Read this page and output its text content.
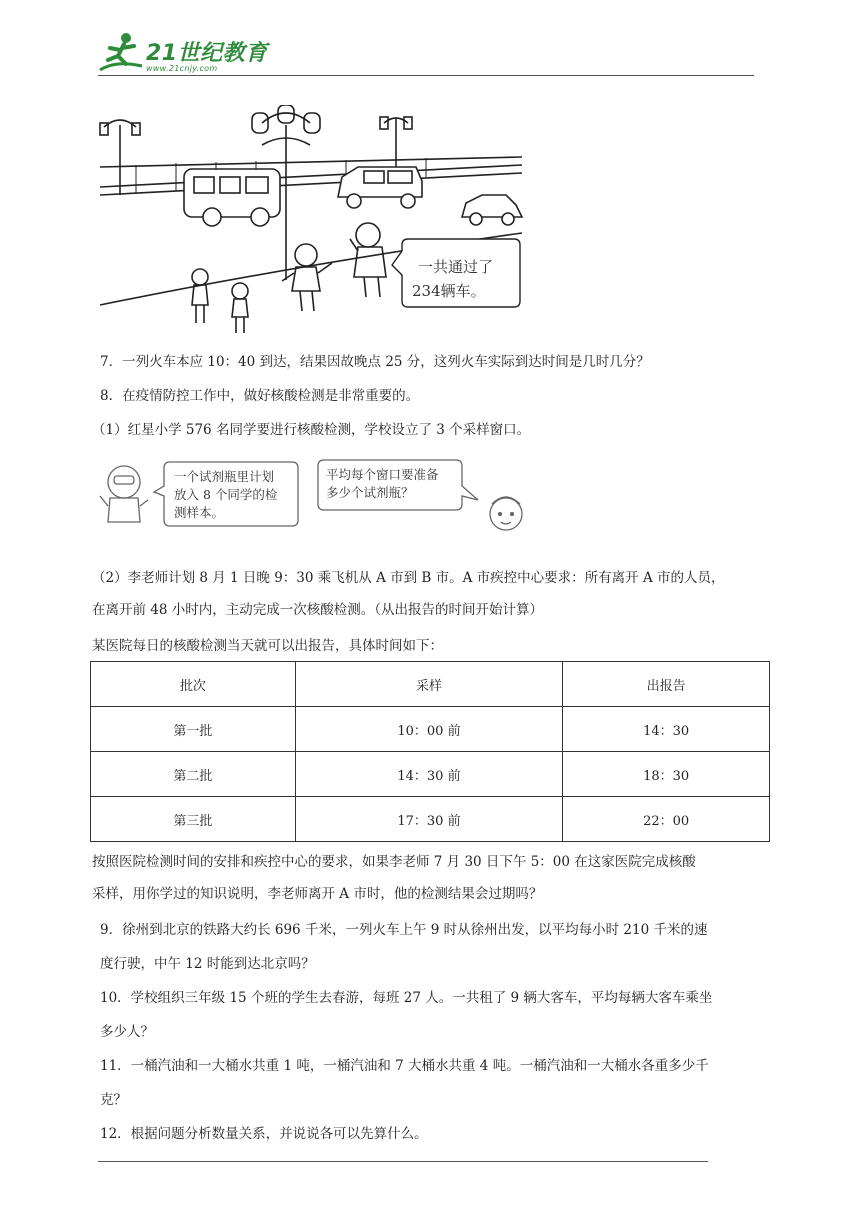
21世纪教育
www.21cnjy.com
一共通过了
234辆车。
7．一列火车本应 10：40 到达，结果因故晚点 25 分，这列火车实际到达时间是几时几分？
8．在疫情防控工作中，做好核酸检测是非常重要的。
（1）红星小学 576 名同学要进行核酸检测，学校设立了 3 个采样窗口。
一个试剂瓶里计划
放入 8 个同学的检
测样本。
平均每个窗口要准备
多少个试剂瓶？
（2）李老师计划 8 月 1 日晚 9：30 乘飞机从 A 市到 B 市。A 市疾控中心要求：所有离开 A 市的人员，
在离开前 48 小时内，主动完成一次核酸检测。（从出报告的时间开始计算）
某医院每日的核酸检测当天就可以出报告，具体时间如下：
批次	采样	出报告
第一批	10：00 前	14：30
第二批	14：30 前	18：30
第三批	17：30 前	22：00
按照医院检测时间的安排和疾控中心的要求，如果李老师 7 月 30 日下午 5：00 在这家医院完成核酸
采样，用你学过的知识说明，李老师离开 A 市时，他的检测结果会过期吗？
9．徐州到北京的铁路大约长 696 千米，一列火车上午 9 时从徐州出发，以平均每小时 210 千米的速
度行驶，中午 12 时能到达北京吗？
10．学校组织三年级 15 个班的学生去春游，每班 27 人。一共租了 9 辆大客车，平均每辆大客车乘坐
多少人？
11．一桶汽油和一大桶水共重 1 吨，一桶汽油和 7 大桶水共重 4 吨。一桶汽油和一大桶水各重多少千
克？
12．根据问题分析数量关系，并说说各可以先算什么。
